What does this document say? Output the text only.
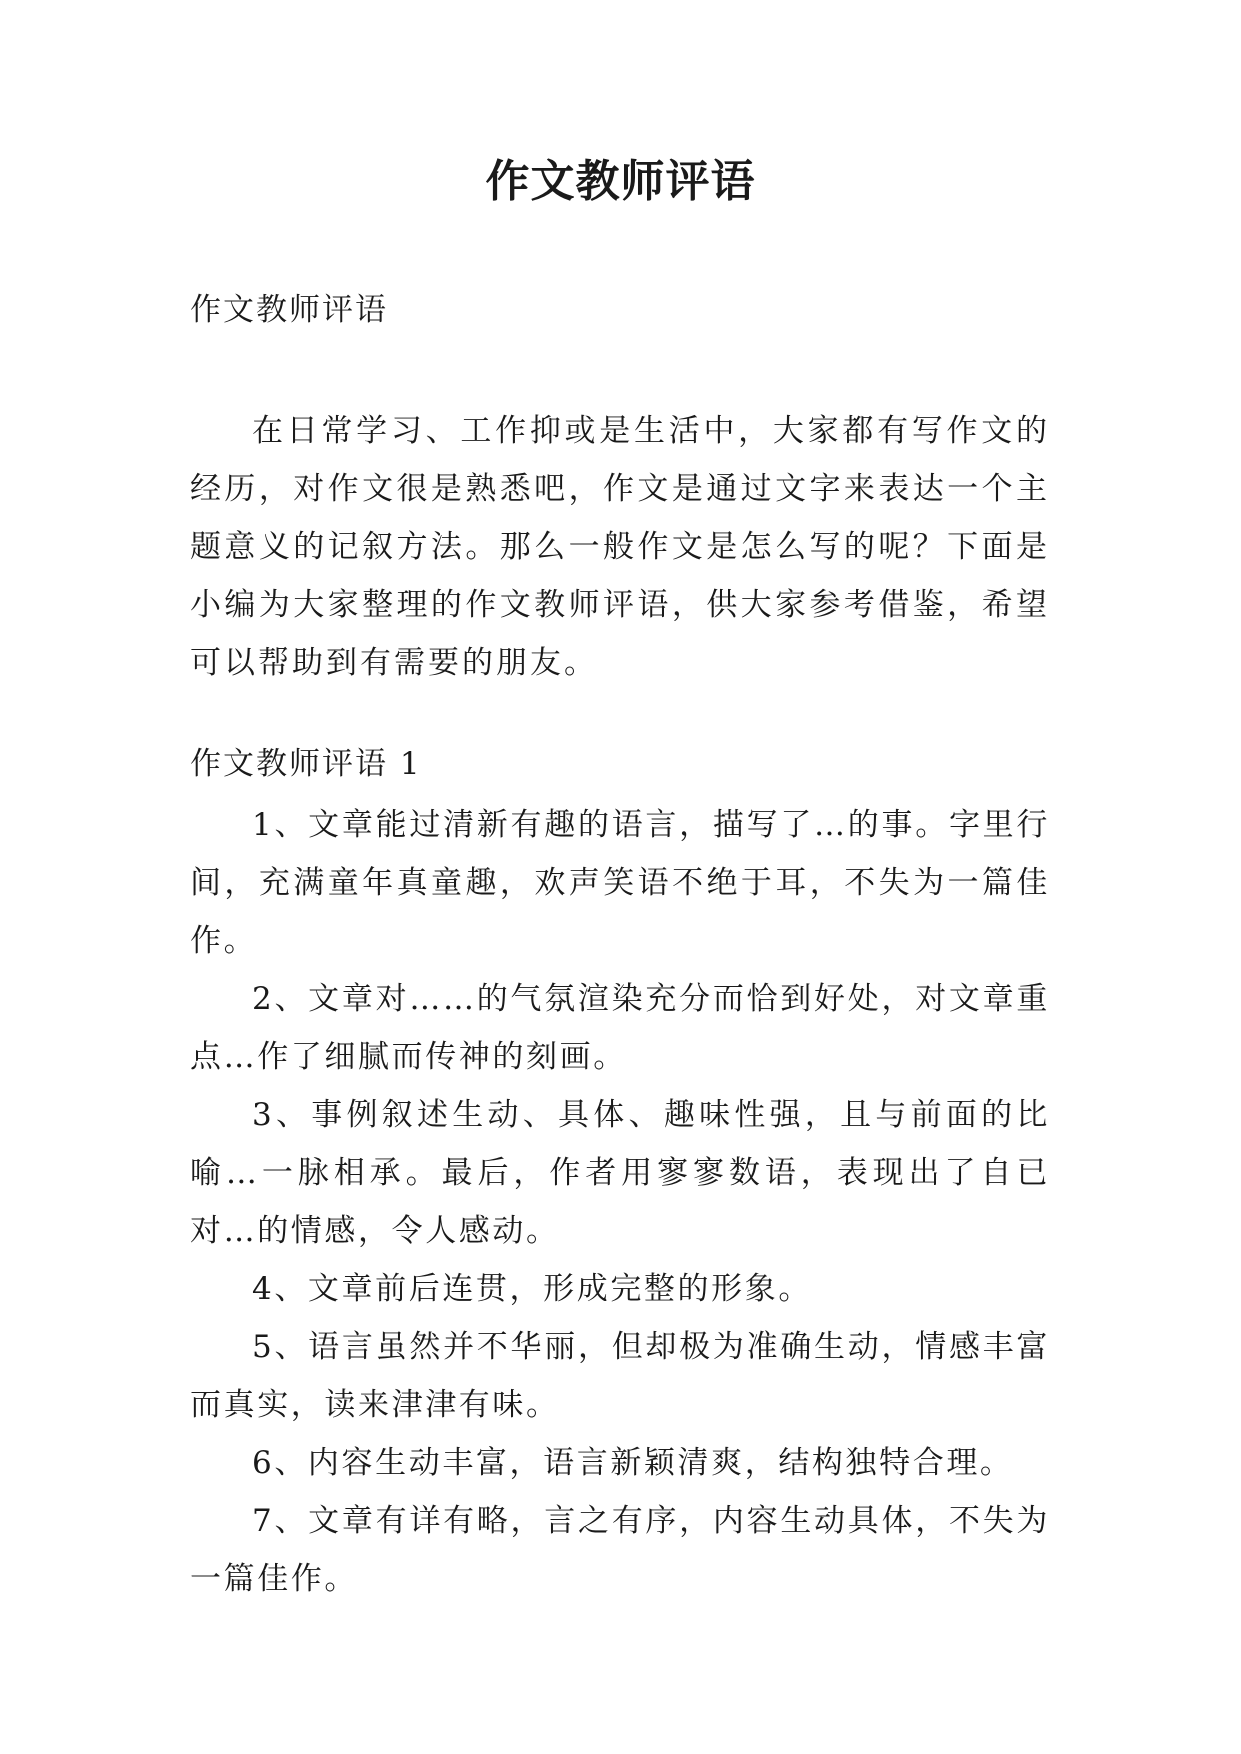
作文教师评语

作文教师评语

在日常学习、工作抑或是生活中，大家都有写作文的经历，对作文很是熟悉吧，作文是通过文字来表达一个主题意义的记叙方法。那么一般作文是怎么写的呢？下面是小编为大家整理的作文教师评语，供大家参考借鉴，希望可以帮助到有需要的朋友。

作文教师评语 1

1、文章能过清新有趣的语言，描写了…的事。字里行间，充满童年真童趣，欢声笑语不绝于耳，不失为一篇佳作。
2、文章对……的气氛渲染充分而恰到好处，对文章重点…作了细腻而传神的刻画。
3、事例叙述生动、具体、趣味性强，且与前面的比喻…一脉相承。最后，作者用寥寥数语，表现出了自已对…的情感，令人感动。
4、文章前后连贯，形成完整的形象。
5、语言虽然并不华丽，但却极为准确生动，情感丰富而真实，读来津津有味。
6、内容生动丰富，语言新颖清爽，结构独特合理。
7、文章有详有略，言之有序，内容生动具体，不失为一篇佳作。
